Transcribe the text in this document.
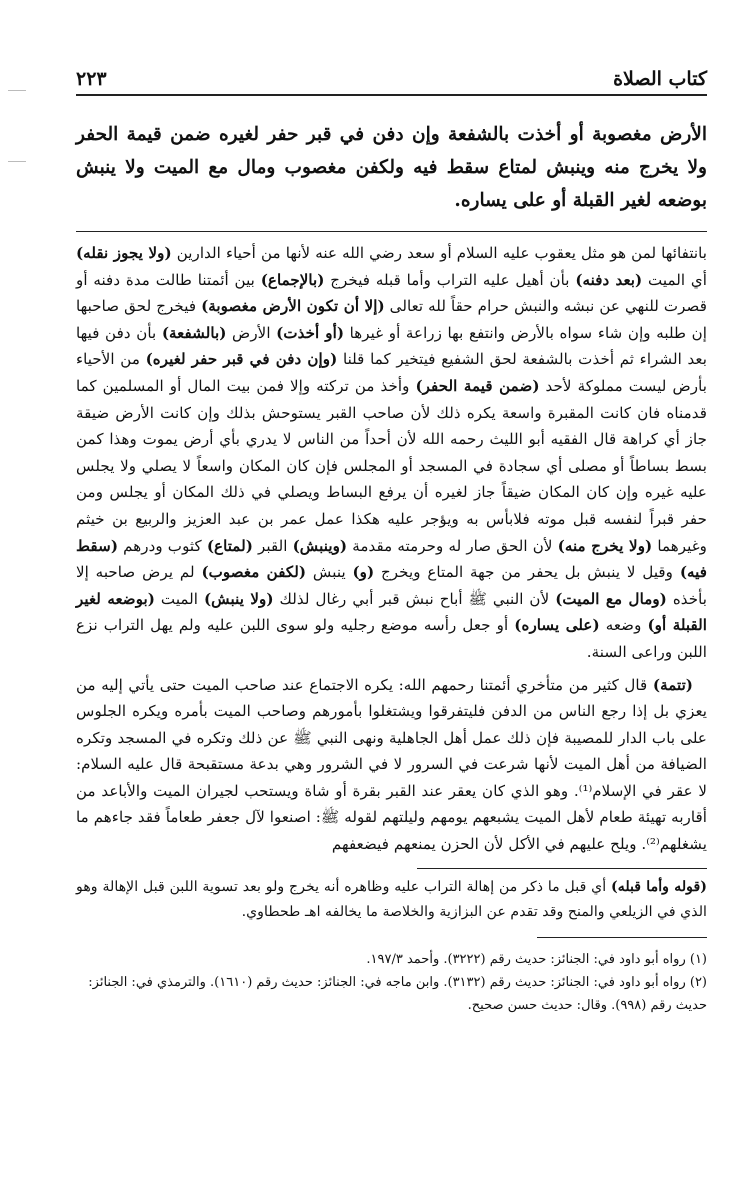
كتاب الصلاة
٢٢٣
الأرض مغصوبة أو أخذت بالشفعة وإن دفن في قبر حفر لغيره ضمن قيمة الحفر ولا يخرج منه وينبش لمتاع سقط فيه ولكفن مغصوب ومال مع الميت ولا ينبش بوضعه لغير القبلة أو على يساره.

بانتفائها لمن هو مثل يعقوب عليه السلام أو سعد رضي الله عنه لأنها من أحياء الدارين (ولا يجوز نقله) أي الميت (بعد دفنه) بأن أهيل عليه التراب وأما قبله فيخرج (بالإجماع) بين أئمتنا طالت مدة دفنه أو قصرت للنهي عن نبشه والنبش حرام حقاً لله تعالى (إلا أن تكون الأرض مغصوبة) فيخرج لحق صاحبها إن طلبه وإن شاء سواه بالأرض وانتفع بها زراعة أو غيرها (أو أخذت) الأرض (بالشفعة) بأن دفن فيها بعد الشراء ثم أخذت بالشفعة لحق الشفيع فيتخير كما قلنا (وإن دفن في قبر حفر لغيره) من الأحياء بأرض ليست مملوكة لأحد (ضمن قيمة الحفر) وأخذ من تركته وإلا فمن بيت المال أو المسلمين كما قدمناه فان كانت المقبرة واسعة يكره ذلك لأن صاحب القبر يستوحش بذلك وإن كانت الأرض ضيقة جاز أي كراهة قال الفقيه أبو الليث رحمه الله لأن أحداً من الناس لا يدري بأي أرض يموت وهذا كمن بسط بساطاً أو مصلى أي سجادة في المسجد أو المجلس فإن كان المكان واسعاً لا يصلي ولا يجلس عليه غيره وإن كان المكان ضيقاً جاز لغيره أن يرفع البساط ويصلي في ذلك المكان أو يجلس ومن حفر قبراً لنفسه قبل موته فلابأس به ويؤجر عليه هكذا عمل عمر بن عبد العزيز والربيع بن خيثم وغيرهما (ولا يخرج منه) لأن الحق صار له وحرمته مقدمة (وينبش) القبر (لمتاع) كثوب ودرهم (سقط فيه) وقيل لا ينبش بل يحفر من جهة المتاع ويخرج (و) ينبش (لكفن مغصوب) لم يرض صاحبه إلا بأخذه (ومال مع الميت) لأن النبي ﷺ أباح نبش قبر أبي رغال لذلك (ولا ينبش) الميت (بوضعه لغير القبلة أو) وضعه (على يساره) أو جعل رأسه موضع رجليه ولو سوى اللبن عليه ولم يهل التراب نزع اللبن وراعى السنة.

(تتمة) قال كثير من متأخري أئمتنا رحمهم الله: يكره الاجتماع عند صاحب الميت حتى يأتي إليه من يعزي بل إذا رجع الناس من الدفن فليتفرقوا ويشتغلوا بأمورهم وصاحب الميت بأمره ويكره الجلوس على باب الدار للمصيبة فإن ذلك عمل أهل الجاهلية ونهى النبي ﷺ عن ذلك وتكره في المسجد وتكره الضيافة من أهل الميت لأنها شرعت في السرور لا في الشرور وهي بدعة مستقبحة قال عليه السلام: لا عقر في الإسلام⁽¹⁾. وهو الذي كان يعقر عند القبر بقرة أو شاة ويستحب لجيران الميت والأباعد من أقاربه تهيئة طعام لأهل الميت يشبعهم يومهم وليلتهم لقوله ﷺ: اصنعوا لآل جعفر طعاماً فقد جاءهم ما يشغلهم⁽²⁾. ويلح عليهم في الأكل لأن الحزن يمنعهم فيضعفهم

(قوله وأما قبله) أي قبل ما ذكر من إهالة التراب عليه وظاهره أنه يخرج ولو بعد تسوية اللبن قبل الإهالة وهو الذي في الزيلعي والمنح وقد تقدم عن البزازية والخلاصة ما يخالفه اهـ طحطاوي.
(١) رواه أبو داود في: الجنائز: حديث رقم (٣٢٢٢). وأحمد ١٩٧/٣.
(٢) رواه أبو داود في: الجنائز: حديث رقم (٣١٣٢). وابن ماجه في: الجنائز: حديث رقم (١٦١٠). والترمذي في: الجنائز: حديث رقم (٩٩٨). وقال: حديث حسن صحيح.
